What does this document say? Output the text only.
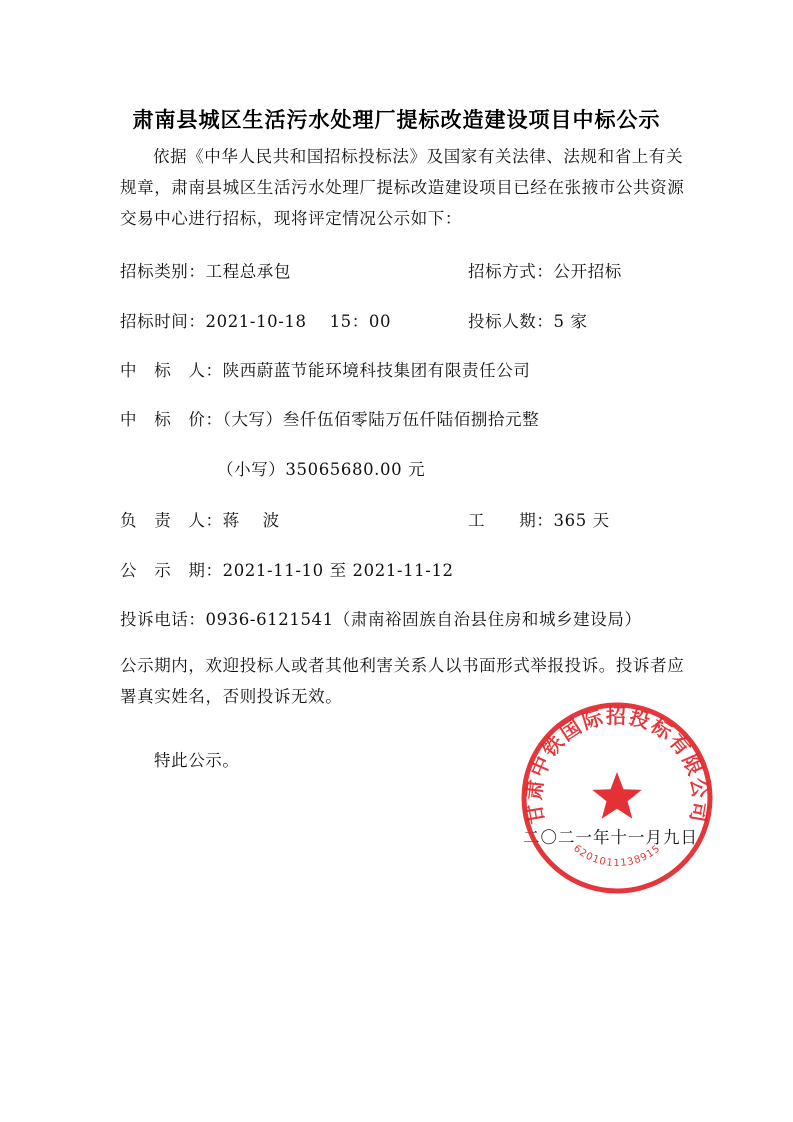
肃南县城区生活污水处理厂提标改造建设项目中标公示

依据《中华人民共和国招标投标法》及国家有关法律、法规和省上有关规章，肃南县城区生活污水处理厂提标改造建设项目已经在张掖市公共资源交易中心进行招标，现将评定情况公示如下：

招标类别：工程总承包	招标方式：公开招标
招标时间：2021-10-18　 15：00	投标人数：5 家
中　标　人：陕西蔚蓝节能环境科技集团有限责任公司
中　标　价：（大写）叁仟伍佰零陆万伍仟陆佰捌拾元整
（小写）35065680.00 元
负　责　人：蒋　 波	工　　期：365 天
公　示　期：2021-11-10 至 2021-11-12
投诉电话：0936-6121541（肃南裕固族自治县住房和城乡建设局）

公示期内，欢迎投标人或者其他利害关系人以书面形式举报投诉。投诉者应署真实姓名，否则投诉无效。

特此公示。
二〇二一年十一月九日
甘肃中铁国际招投标有限公司
6201011138915
